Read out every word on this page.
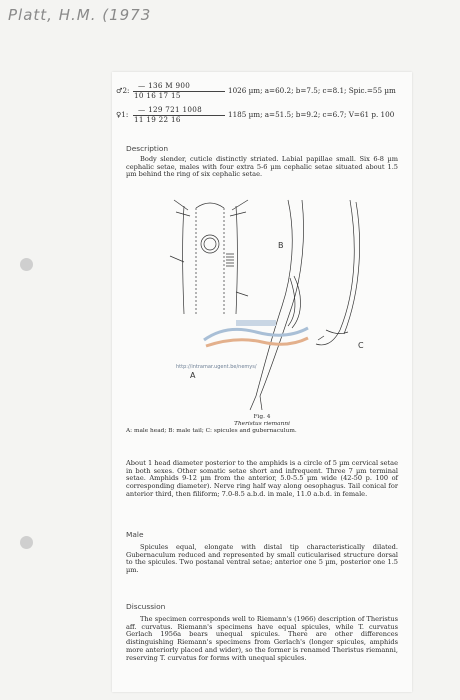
Platt, H.M. (1973
♂2:
— 136 M 900
10 16 17 15
1026 µm; a=60.2; b=7.5; c=8.1; Spic.=55 µm
♀1:
— 129 721 1008
11 19 22 16
1185 µm; a=51.5; b=9.2; c=6.7; V=61 p. 100
Description

Body slender, cuticle distinctly striated. Labial papillae small. Six 6-8 µm cephalic setae, males with four extra 5-6 µm cephalic setae situated about 1.5 µm behind the ring of six cephalic setae.

A
B
C
http://intramar.ugent.be/nemys/
Fig. 4
Theristus riemanni
A: male head; B: male tail; C: spicules and gubernaculum.

About 1 head diameter posterior to the amphids is a circle of 5 µm cervical setae in both sexes. Other somatic setae short and infrequent. Three 7 µm terminal setae. Amphids 9-12 µm from the anterior, 5.0-5.5 µm wide (42-50 p. 100 of corresponding diameter). Nerve ring half way along oesophagus. Tail conical for anterior third, then filiform; 7.0-8.5 a.b.d. in male, 11.0 a.b.d. in female.

Male

Spicules equal, elongate with distal tip characteristically dilated. Gubernaculum reduced and represented by small cuticularised structure dorsal to the spicules. Two postanal ventral setae; anterior one 5 µm, posterior one 1.5 µm.

Discussion

The specimen corresponds well to Riemann's (1966) description of Theristus aff. curvatus. Riemann's specimens have equal spicules, while T. curvatus Gerlach 1956a bears unequal spicules. There are other differences distinguishing Riemann's specimens from Gerlach's (longer spicules, amphids more anteriorly placed and wider), so the former is renamed Theristus riemanni, reserving T. curvatus for forms with unequal spicules.
